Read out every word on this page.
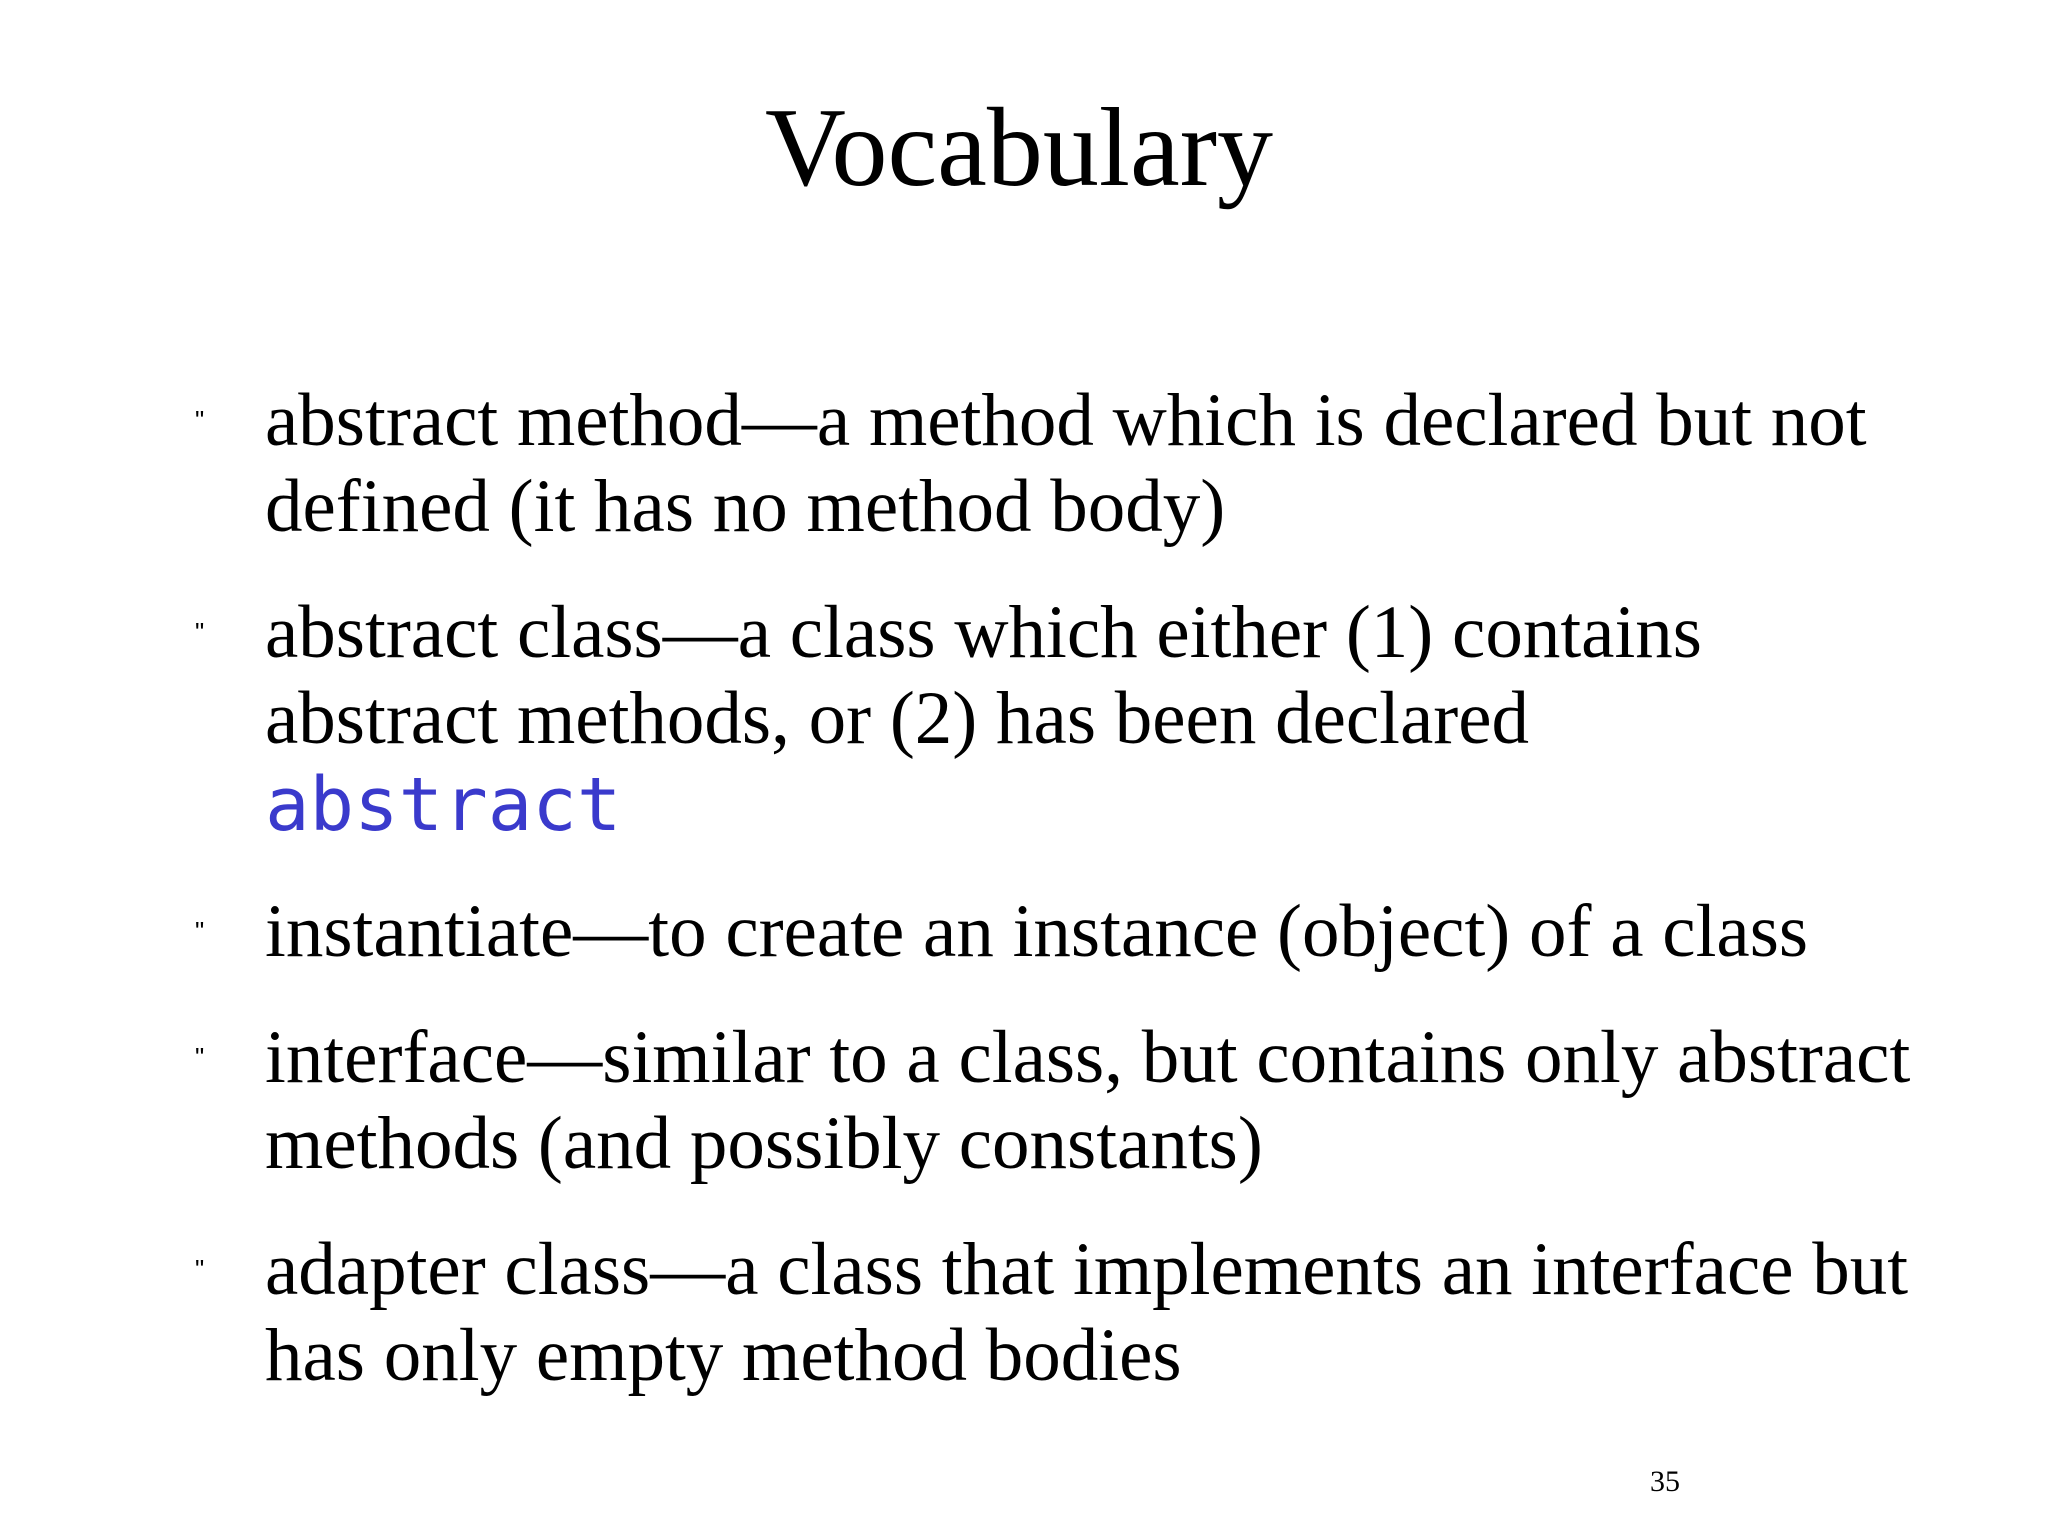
Vocabulary
" abstract method—a method which is declared but not defined (it has no method body)
" abstract class—a class which either (1) contains abstract methods, or (2) has been declared
abstract
" instantiate—to create an instance (object) of a class
" interface—similar to a class, but contains only abstract methods (and possibly constants)
" adapter class—a class that implements an interface but has only empty method bodies
35
